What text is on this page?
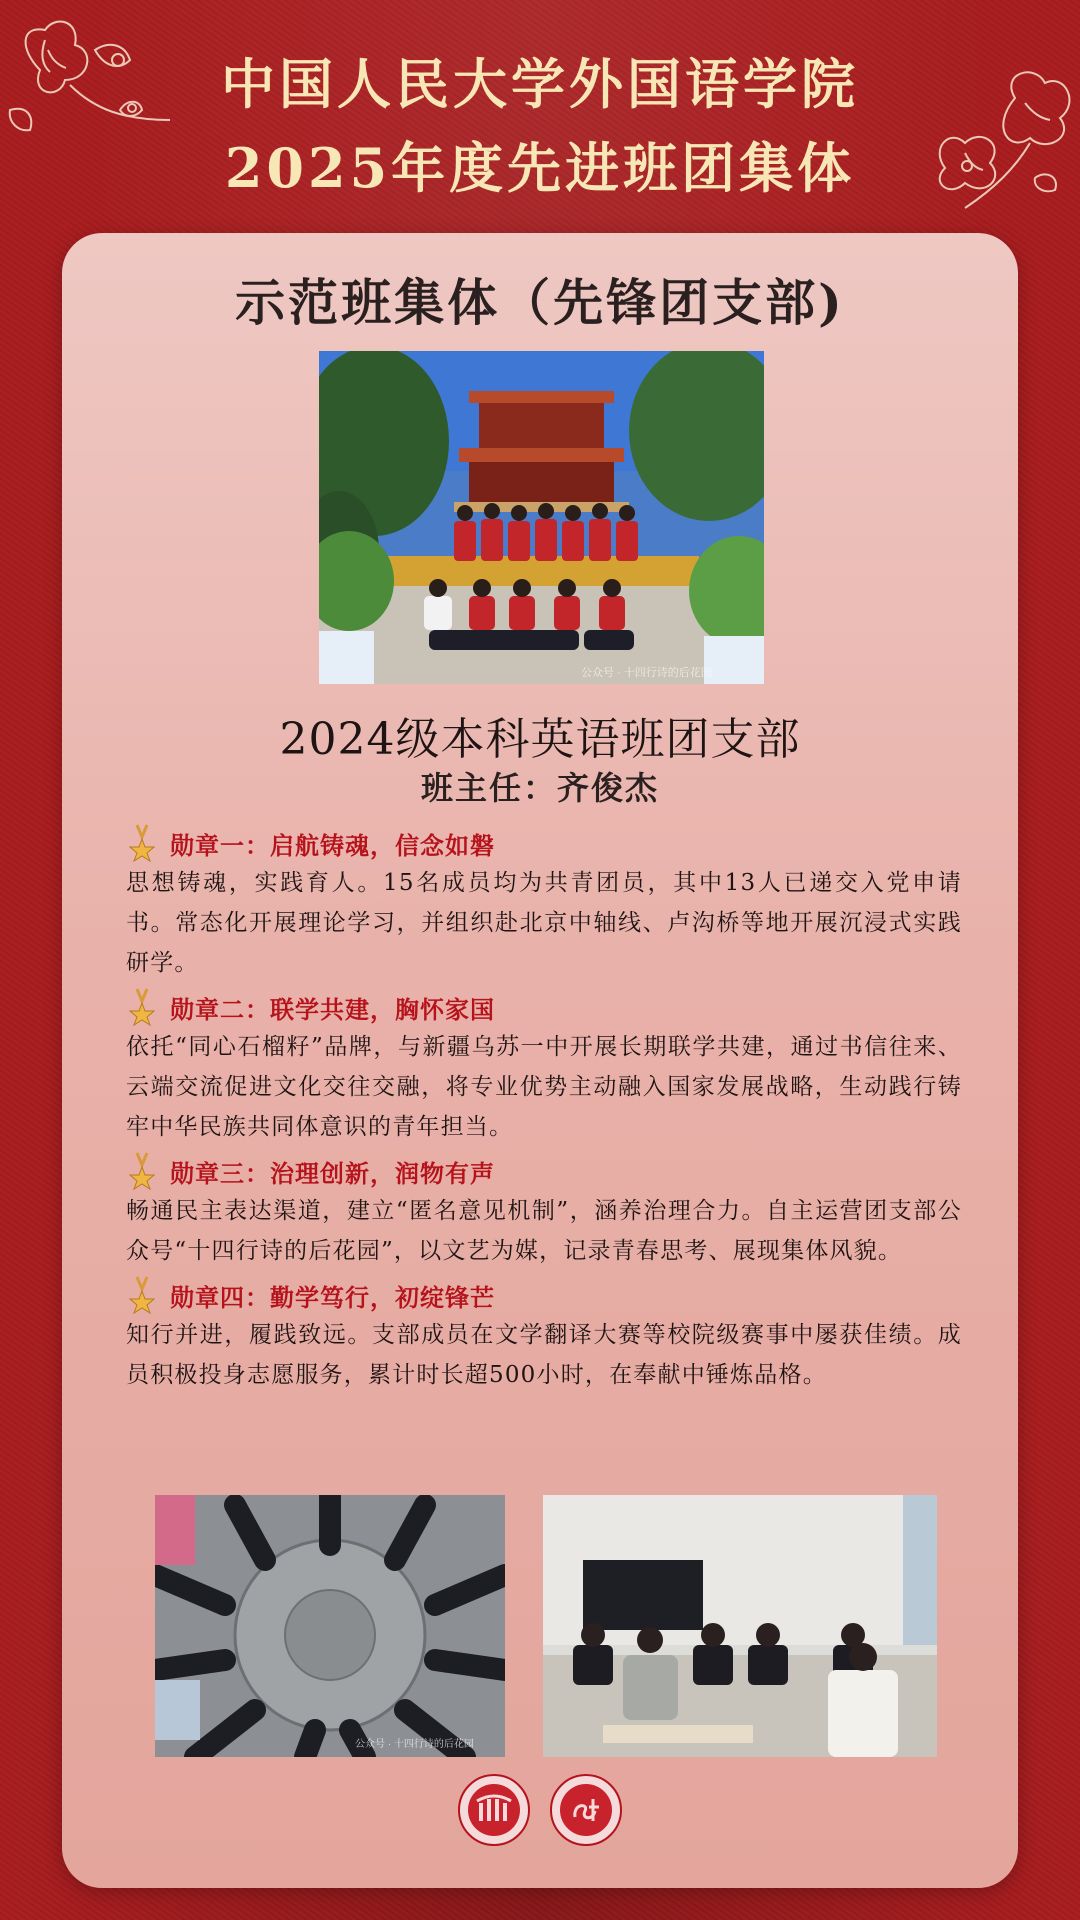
中国人民大学外国语学院
2025年度先进班团集体
示范班集体（先锋团支部)
公众号 · 十四行诗的后花园
2024级本科英语班团支部
班主任：齐俊杰
勋章一：启航铸魂，信念如磐
思想铸魂，实践育人。15名成员均为共青团员，其中13人已递交入党申请书。常态化开展理论学习，并组织赴北京中轴线、卢沟桥等地开展沉浸式实践研学。
勋章二：联学共建，胸怀家国
依托“同心石榴籽”品牌，与新疆乌苏一中开展长期联学共建，通过书信往来、云端交流促进文化交往交融，将专业优势主动融入国家发展战略，生动践行铸牢中华民族共同体意识的青年担当。
勋章三：治理创新，润物有声
畅通民主表达渠道，建立“匿名意见机制”，涵养治理合力。自主运营团支部公众号“十四行诗的后花园”，以文艺为媒，记录青春思考、展现集体风貌。
勋章四：勤学笃行，初绽锋芒
知行并进，履践致远。支部成员在文学翻译大赛等校院级赛事中屡获佳绩。成员积极投身志愿服务，累计时长超500小时，在奉献中锤炼品格。
公众号 · 十四行诗的后花园
